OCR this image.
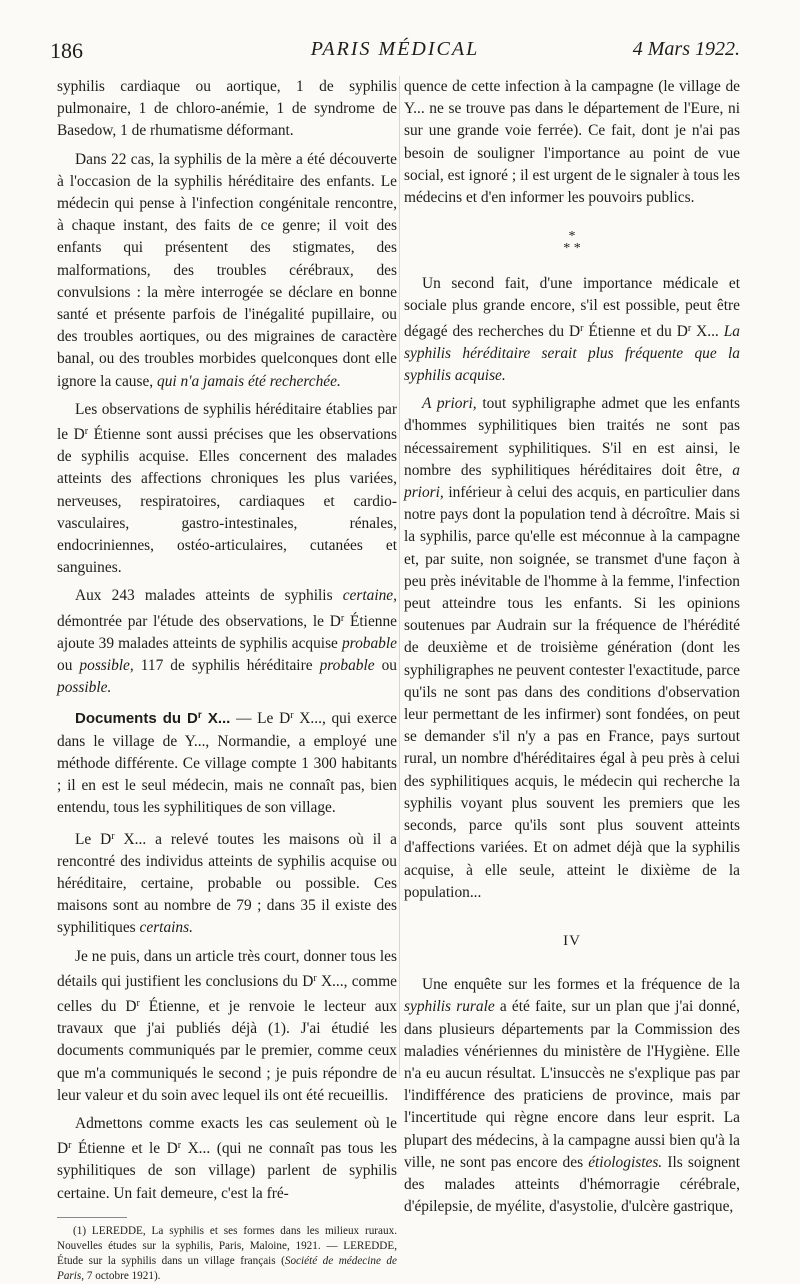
186	PARIS MÉDICAL	4 Mars 1922.

syphilis cardiaque ou aortique, 1 de syphilis pulmonaire, 1 de chloro-anémie, 1 de syndrome de Basedow, 1 de rhumatisme déformant.

Dans 22 cas, la syphilis de la mère a été découverte à l'occasion de la syphilis héréditaire des enfants. Le médecin qui pense à l'infection congénitale rencontre, à chaque instant, des faits de ce genre; il voit des enfants qui présentent des stigmates, des malformations, des troubles cérébraux, des convulsions : la mère interrogée se déclare en bonne santé et présente parfois de l'inégalité pupillaire, ou des troubles aortiques, ou des migraines de caractère banal, ou des troubles morbides quelconques dont elle ignore la cause, qui n'a jamais été recherchée.

Les observations de syphilis héréditaire établies par le $D^r$ Étienne sont aussi précises que les observations de syphilis acquise. Elles concernent des malades atteints des affections chroniques les plus variées, nerveuses, respiratoires, cardiaques et cardio-vasculaires, gastro-intestinales, rénales, endocriniennes, ostéo-articulaires, cutanées et sanguines.

Aux 243 malades atteints de syphilis certaine, démontrée par l'étude des observations, le $D^r$ Étienne ajoute 39 malades atteints de syphilis acquise probable ou possible, 117 de syphilis héréditaire probable ou possible.

Documents du $D^r$ X... — Le $D^r$ X..., qui exerce dans le village de Y..., Normandie, a employé une méthode différente. Ce village compte 1 300 habitants ; il en est le seul médecin, mais ne connaît pas, bien entendu, tous les syphilitiques de son village.

Le $D^r$ X... a relevé toutes les maisons où il a rencontré des individus atteints de syphilis acquise ou héréditaire, certaine, probable ou possible. Ces maisons sont au nombre de 79 ; dans 35 il existe des syphilitiques certains.

Je ne puis, dans un article très court, donner tous les détails qui justifient les conclusions du $D^r$ X..., comme celles du $D^r$ Étienne, et je renvoie le lecteur aux travaux que j'ai publiés déjà (1). J'ai étudié les documents communiqués par le premier, comme ceux que m'a communiqués le second ; je puis répondre de leur valeur et du soin avec lequel ils ont été recueillis.

Admettons comme exacts les cas seulement où le $D^r$ Étienne et le $D^r$ X... (qui ne connaît pas tous les syphilitiques de son village) parlent de syphilis certaine. Un fait demeure, c'est la fré-

(1) LEREDDE, La syphilis et ses formes dans les milieux ruraux. Nouvelles études sur la syphilis, Paris, Maloine, 1921. — LEREDDE, Étude sur la syphilis dans un village français (Société de médecine de Paris, 7 octobre 1921).

quence de cette infection à la campagne (le village de Y... ne se trouve pas dans le département de l'Eure, ni sur une grande voie ferrée). Ce fait, dont je n'ai pas besoin de souligner l'importance au point de vue social, est ignoré ; il est urgent de le signaler à tous les médecins et d'en informer les pouvoirs publics.

*
* *

Un second fait, d'une importance médicale et sociale plus grande encore, s'il est possible, peut être dégagé des recherches du $D^r$ Étienne et du $D^r$ X... La syphilis héréditaire serait plus fréquente que la syphilis acquise.

A priori, tout syphiligraphe admet que les enfants d'hommes syphilitiques bien traités ne sont pas nécessairement syphilitiques. S'il en est ainsi, le nombre des syphilitiques héréditaires doit être, a priori, inférieur à celui des acquis, en particulier dans notre pays dont la population tend à décroître. Mais si la syphilis, parce qu'elle est méconnue à la campagne et, par suite, non soignée, se transmet d'une façon à peu près inévitable de l'homme à la femme, l'infection peut atteindre tous les enfants. Si les opinions soutenues par Audrain sur la fréquence de l'hérédité de deuxième et de troisième génération (dont les syphiligraphes ne peuvent contester l'exactitude, parce qu'ils ne sont pas dans des conditions d'observation leur permettant de les infirmer) sont fondées, on peut se demander s'il n'y a pas en France, pays surtout rural, un nombre d'héréditaires égal à peu près à celui des syphilitiques acquis, le médecin qui recherche la syphilis voyant plus souvent les premiers que les seconds, parce qu'ils sont plus souvent atteints d'affections variées. Et on admet déjà que la syphilis acquise, à elle seule, atteint le dixième de la population...

IV

Une enquête sur les formes et la fréquence de la syphilis rurale a été faite, sur un plan que j'ai donné, dans plusieurs départements par la Commission des maladies vénériennes du ministère de l'Hygiène. Elle n'a eu aucun résultat. L'insuccès ne s'explique pas par l'indifférence des praticiens de province, mais par l'incertitude qui règne encore dans leur esprit. La plupart des médecins, à la campagne aussi bien qu'à la ville, ne sont pas encore des étiologistes. Ils soignent des malades atteints d'hémorragie cérébrale, d'épilepsie, de myélite, d'asystolie, d'ulcère gastrique,
